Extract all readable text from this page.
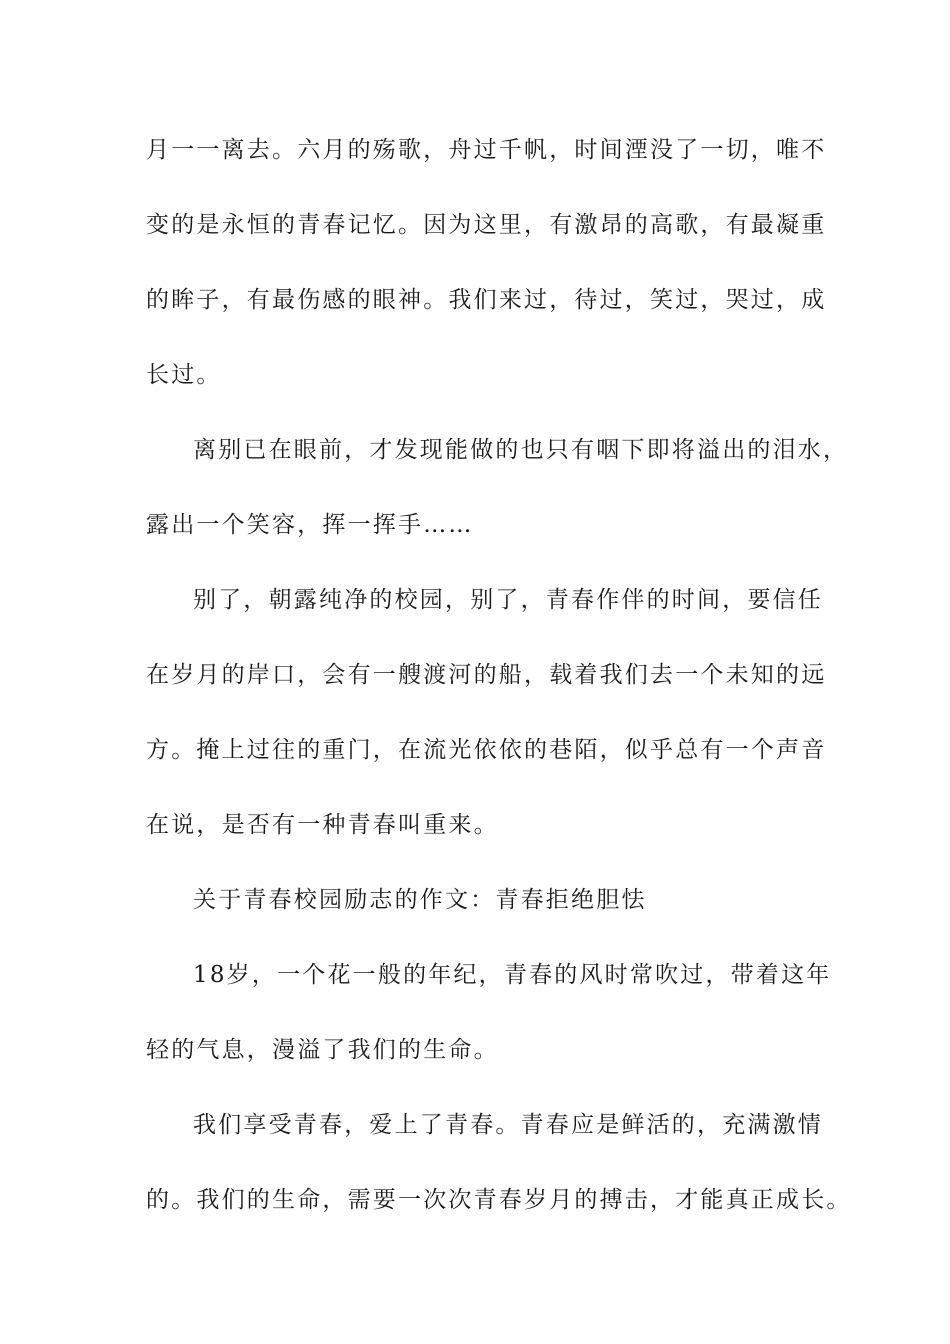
月一一离去。六月的殇歌，舟过千帆，时间湮没了一切，唯不
变的是永恒的青春记忆。因为这里，有激昂的高歌，有最凝重
的眸子，有最伤感的眼神。我们来过，待过，笑过，哭过，成
长过。
离别已在眼前，才发现能做的也只有咽下即将溢出的泪水，
露出一个笑容，挥一挥手……
别了，朝露纯净的校园，别了，青春作伴的时间，要信任
在岁月的岸口，会有一艘渡河的船，载着我们去一个未知的远
方。掩上过往的重门，在流光依依的巷陌，似乎总有一个声音
在说，是否有一种青春叫重来。
关于青春校园励志的作文：青春拒绝胆怯
18岁，一个花一般的年纪，青春的风时常吹过，带着这年
轻的气息，漫溢了我们的生命。
我们享受青春，爱上了青春。青春应是鲜活的，充满激情
的。我们的生命，需要一次次青春岁月的搏击，才能真正成长。
